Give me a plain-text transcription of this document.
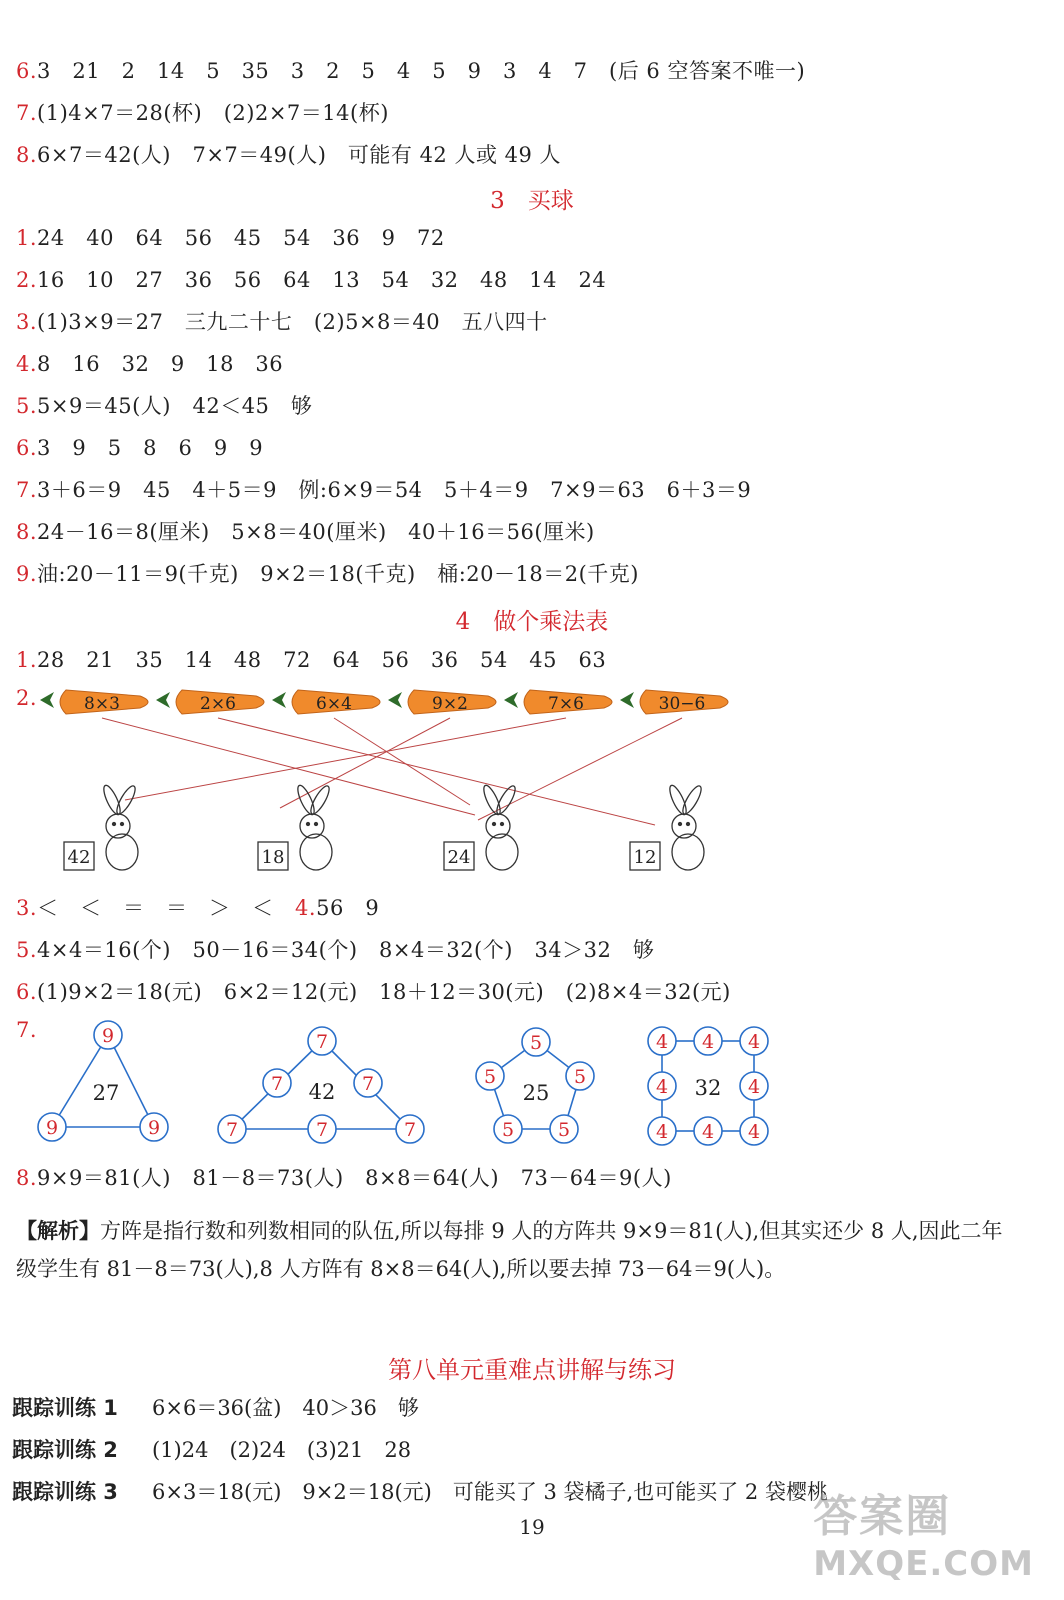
6.3　21　2　14　5　35　3　2　5　4　5　9　3　4　7　(后 6 空答案不唯一)
7.(1)4×7＝28(杯)　(2)2×7＝14(杯)
8.6×7＝42(人)　7×7＝49(人)　可能有 42 人或 49 人
3　买球
1.24　40　64　56　45　54　36　9　72
2.16　10　27　36　56　64　13　54　32　48　14　24
3.(1)3×9＝27　三九二十七　(2)5×8＝40　五八四十
4.8　16　32　9　18　36
5.5×9＝45(人)　42＜45　够
6.3　9　5　8　6　9　9
7.3＋6＝9　45　4＋5＝9　例:6×9＝54　5＋4＝9　7×9＝63　6＋3＝9
8.24－16＝8(厘米)　5×8＝40(厘米)　40＋16＝56(厘米)
9.油:20－11＝9(千克)　9×2＝18(千克)　桶:20－18＝2(千克)
4　做个乘法表
1.28　21　35　14　48　72　64　56　36　54　45　63
2.	8×3	2×6	6×4	9×2	7×6	30−6
42	18	24	12
3.＜　＜　＝　＝　＞　＜　 4.56　9
5.4×4＝16(个)　50－16＝34(个)　8×4＝32(个)　34＞32　够
6.(1)9×2＝18(元)　6×2＝12(元)　18＋12＝30(元)　(2)8×4＝32(元)
7.	9
9	9
7
7	7
7	7	7
5
5	5
5 5
4 4 4
4	4
4 4 4
27	42	25	32
8.9×9＝81(人)　81－8＝73(人)　8×8＝64(人)　73－64＝9(人)
【解析】方阵是指行数和列数相同的队伍,所以每排 9 人的方阵共 9×9＝81(人),但其实还少 8 人,因此二年级学生有 81－8＝73(人),8 人方阵有 8×8＝64(人),所以要去掉 73－64＝9(人)。
第八单元重难点讲解与练习
跟踪训练 1 6×6＝36(盆)　40＞36　够
跟踪训练 2 (1)24　(2)24　(3)21　28
跟踪训练 3 6×3＝18(元)　9×2＝18(元)　可能买了 3 袋橘子,也可能买了 2 袋樱桃
19	答案圈
MXQE.COM
